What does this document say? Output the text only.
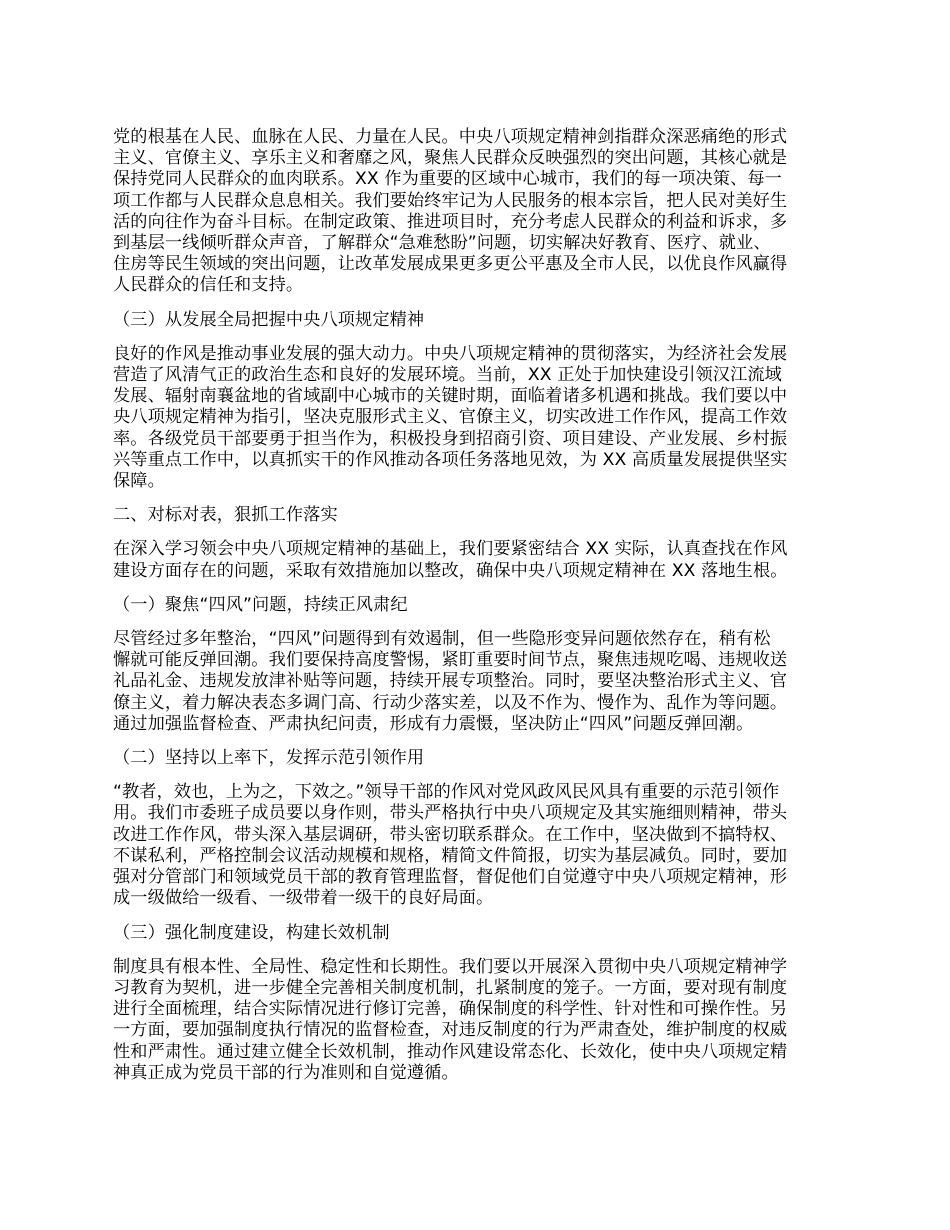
党的根基在人民、血脉在人民、力量在人民。中央八项规定精神剑指群众深恶痛绝的形式
主义、官僚主义、享乐主义和奢靡之风，聚焦人民群众反映强烈的突出问题，其核心就是
保持党同人民群众的血肉联系。XX 作为重要的区域中心城市，我们的每一项决策、每一
项工作都与人民群众息息相关。我们要始终牢记为人民服务的根本宗旨，把人民对美好生
活的向往作为奋斗目标。在制定政策、推进项目时，充分考虑人民群众的利益和诉求，多
到基层一线倾听群众声音，了解群众“急难愁盼”问题，切实解决好教育、医疗、就业、
住房等民生领域的突出问题，让改革发展成果更多更公平惠及全市人民，以优良作风赢得
人民群众的信任和支持。
（三）从发展全局把握中央八项规定精神
良好的作风是推动事业发展的强大动力。中央八项规定精神的贯彻落实，为经济社会发展
营造了风清气正的政治生态和良好的发展环境。当前，XX 正处于加快建设引领汉江流域
发展、辐射南襄盆地的省域副中心城市的关键时期，面临着诸多机遇和挑战。我们要以中
央八项规定精神为指引，坚决克服形式主义、官僚主义，切实改进工作作风，提高工作效
率。各级党员干部要勇于担当作为，积极投身到招商引资、项目建设、产业发展、乡村振
兴等重点工作中，以真抓实干的作风推动各项任务落地见效，为 XX 高质量发展提供坚实
保障。
二、对标对表，狠抓工作落实
在深入学习领会中央八项规定精神的基础上，我们要紧密结合 XX 实际，认真查找在作风
建设方面存在的问题，采取有效措施加以整改，确保中央八项规定精神在 XX 落地生根。
（一）聚焦“四风”问题，持续正风肃纪
尽管经过多年整治，“四风”问题得到有效遏制，但一些隐形变异问题依然存在，稍有松
懈就可能反弹回潮。我们要保持高度警惕，紧盯重要时间节点，聚焦违规吃喝、违规收送
礼品礼金、违规发放津补贴等问题，持续开展专项整治。同时，要坚决整治形式主义、官
僚主义，着力解决表态多调门高、行动少落实差，以及不作为、慢作为、乱作为等问题。
通过加强监督检查、严肃执纪问责，形成有力震慑，坚决防止“四风”问题反弹回潮。
（二）坚持以上率下，发挥示范引领作用
“教者，效也，上为之，下效之。”领导干部的作风对党风政风民风具有重要的示范引领作
用。我们市委班子成员要以身作则，带头严格执行中央八项规定及其实施细则精神，带头
改进工作作风，带头深入基层调研，带头密切联系群众。在工作中，坚决做到不搞特权、
不谋私利，严格控制会议活动规模和规格，精简文件简报，切实为基层减负。同时，要加
强对分管部门和领域党员干部的教育管理监督，督促他们自觉遵守中央八项规定精神，形
成一级做给一级看、一级带着一级干的良好局面。
（三）强化制度建设，构建长效机制
制度具有根本性、全局性、稳定性和长期性。我们要以开展深入贯彻中央八项规定精神学
习教育为契机，进一步健全完善相关制度机制，扎紧制度的笼子。一方面，要对现有制度
进行全面梳理，结合实际情况进行修订完善，确保制度的科学性、针对性和可操作性。另
一方面，要加强制度执行情况的监督检查，对违反制度的行为严肃查处，维护制度的权威
性和严肃性。通过建立健全长效机制，推动作风建设常态化、长效化，使中央八项规定精
神真正成为党员干部的行为准则和自觉遵循。
